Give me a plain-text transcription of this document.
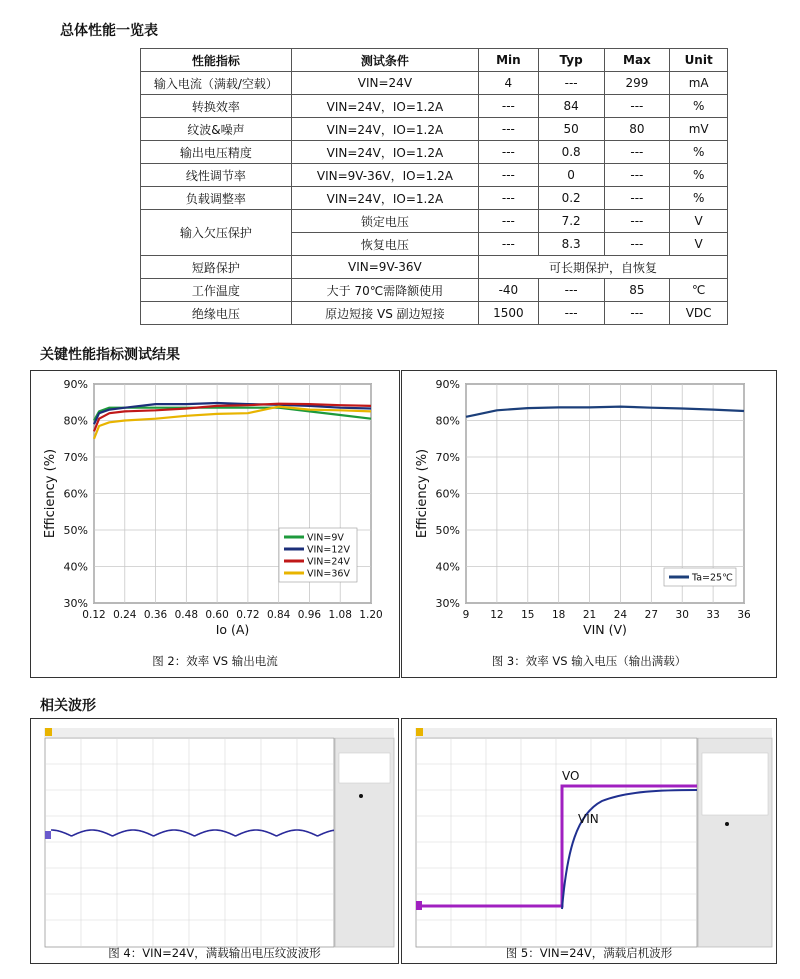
总体性能一览表
性能指标	测试条件	Min	Typ	Max	Unit
输入电流（满载/空载）	VIN=24V	4	---	299	mA
转换效率	VIN=24V，IO=1.2A	---	84	---	%
纹波&噪声	VIN=24V，IO=1.2A	---	50	80	mV
输出电压精度	VIN=24V，IO=1.2A	---	0.8	---	%
线性调节率	VIN=9V-36V，IO=1.2A	---	0	---	%
负载调整率	VIN=24V，IO=1.2A	---	0.2	---	%
输入欠压保护	锁定电压	---	7.2	---	V
	恢复电压	---	8.3	---	V
短路保护	VIN=9V-36V	可长期保护，自恢复			
工作温度	大于 70℃需降额使用	-40	---	85	℃
绝缘电压	原边短接 VS 副边短接	1500	---	---	VDC
关键性能指标测试结果
30%
40%
50%
60%
70%
80%
90%
0.12 0.24 0.36 0.48 0.60 0.72 0.84 0.96 1.08 1.20
Io (A)
Efficiency (%)	VIN=9V
VIN=12V
VIN=24V
VIN=36V
图 2：效率 VS 输出电流
30%
40%
50%
60%
70%
80%
90%
9 12 15 18 21 24 27 30 33 36
VIN (V)
Efficiency (%)
Ta=25℃
图 3：效率 VS 输入电压（输出满载）
相关波形
图 4：VIN=24V，满载输出电压纹波波形
VO
VIN
图 5：VIN=24V，满载启机波形
